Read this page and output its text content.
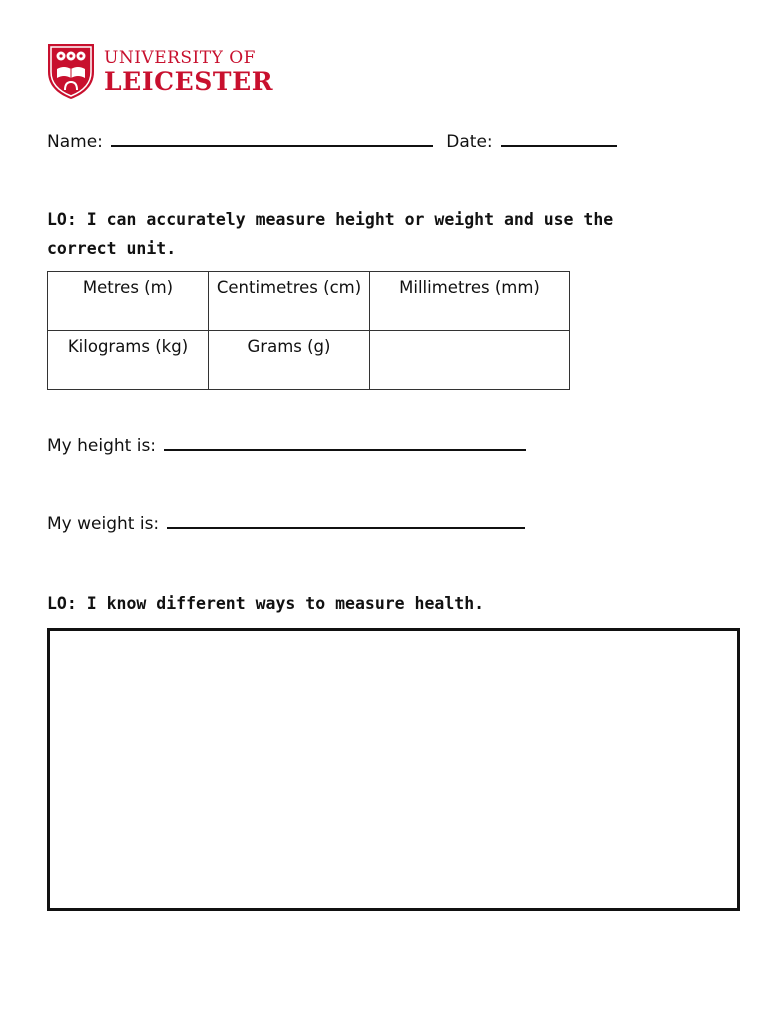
UNIVERSITY OF
LEICESTER
Name:	Date:
LO: I can accurately measure height or weight and use the correct unit.
Metres (m)	Centimetres (cm)	Millimetres (mm)
Kilograms (kg)	Grams (g)	
My height is:
My weight is:
LO: I know different ways to measure health.
